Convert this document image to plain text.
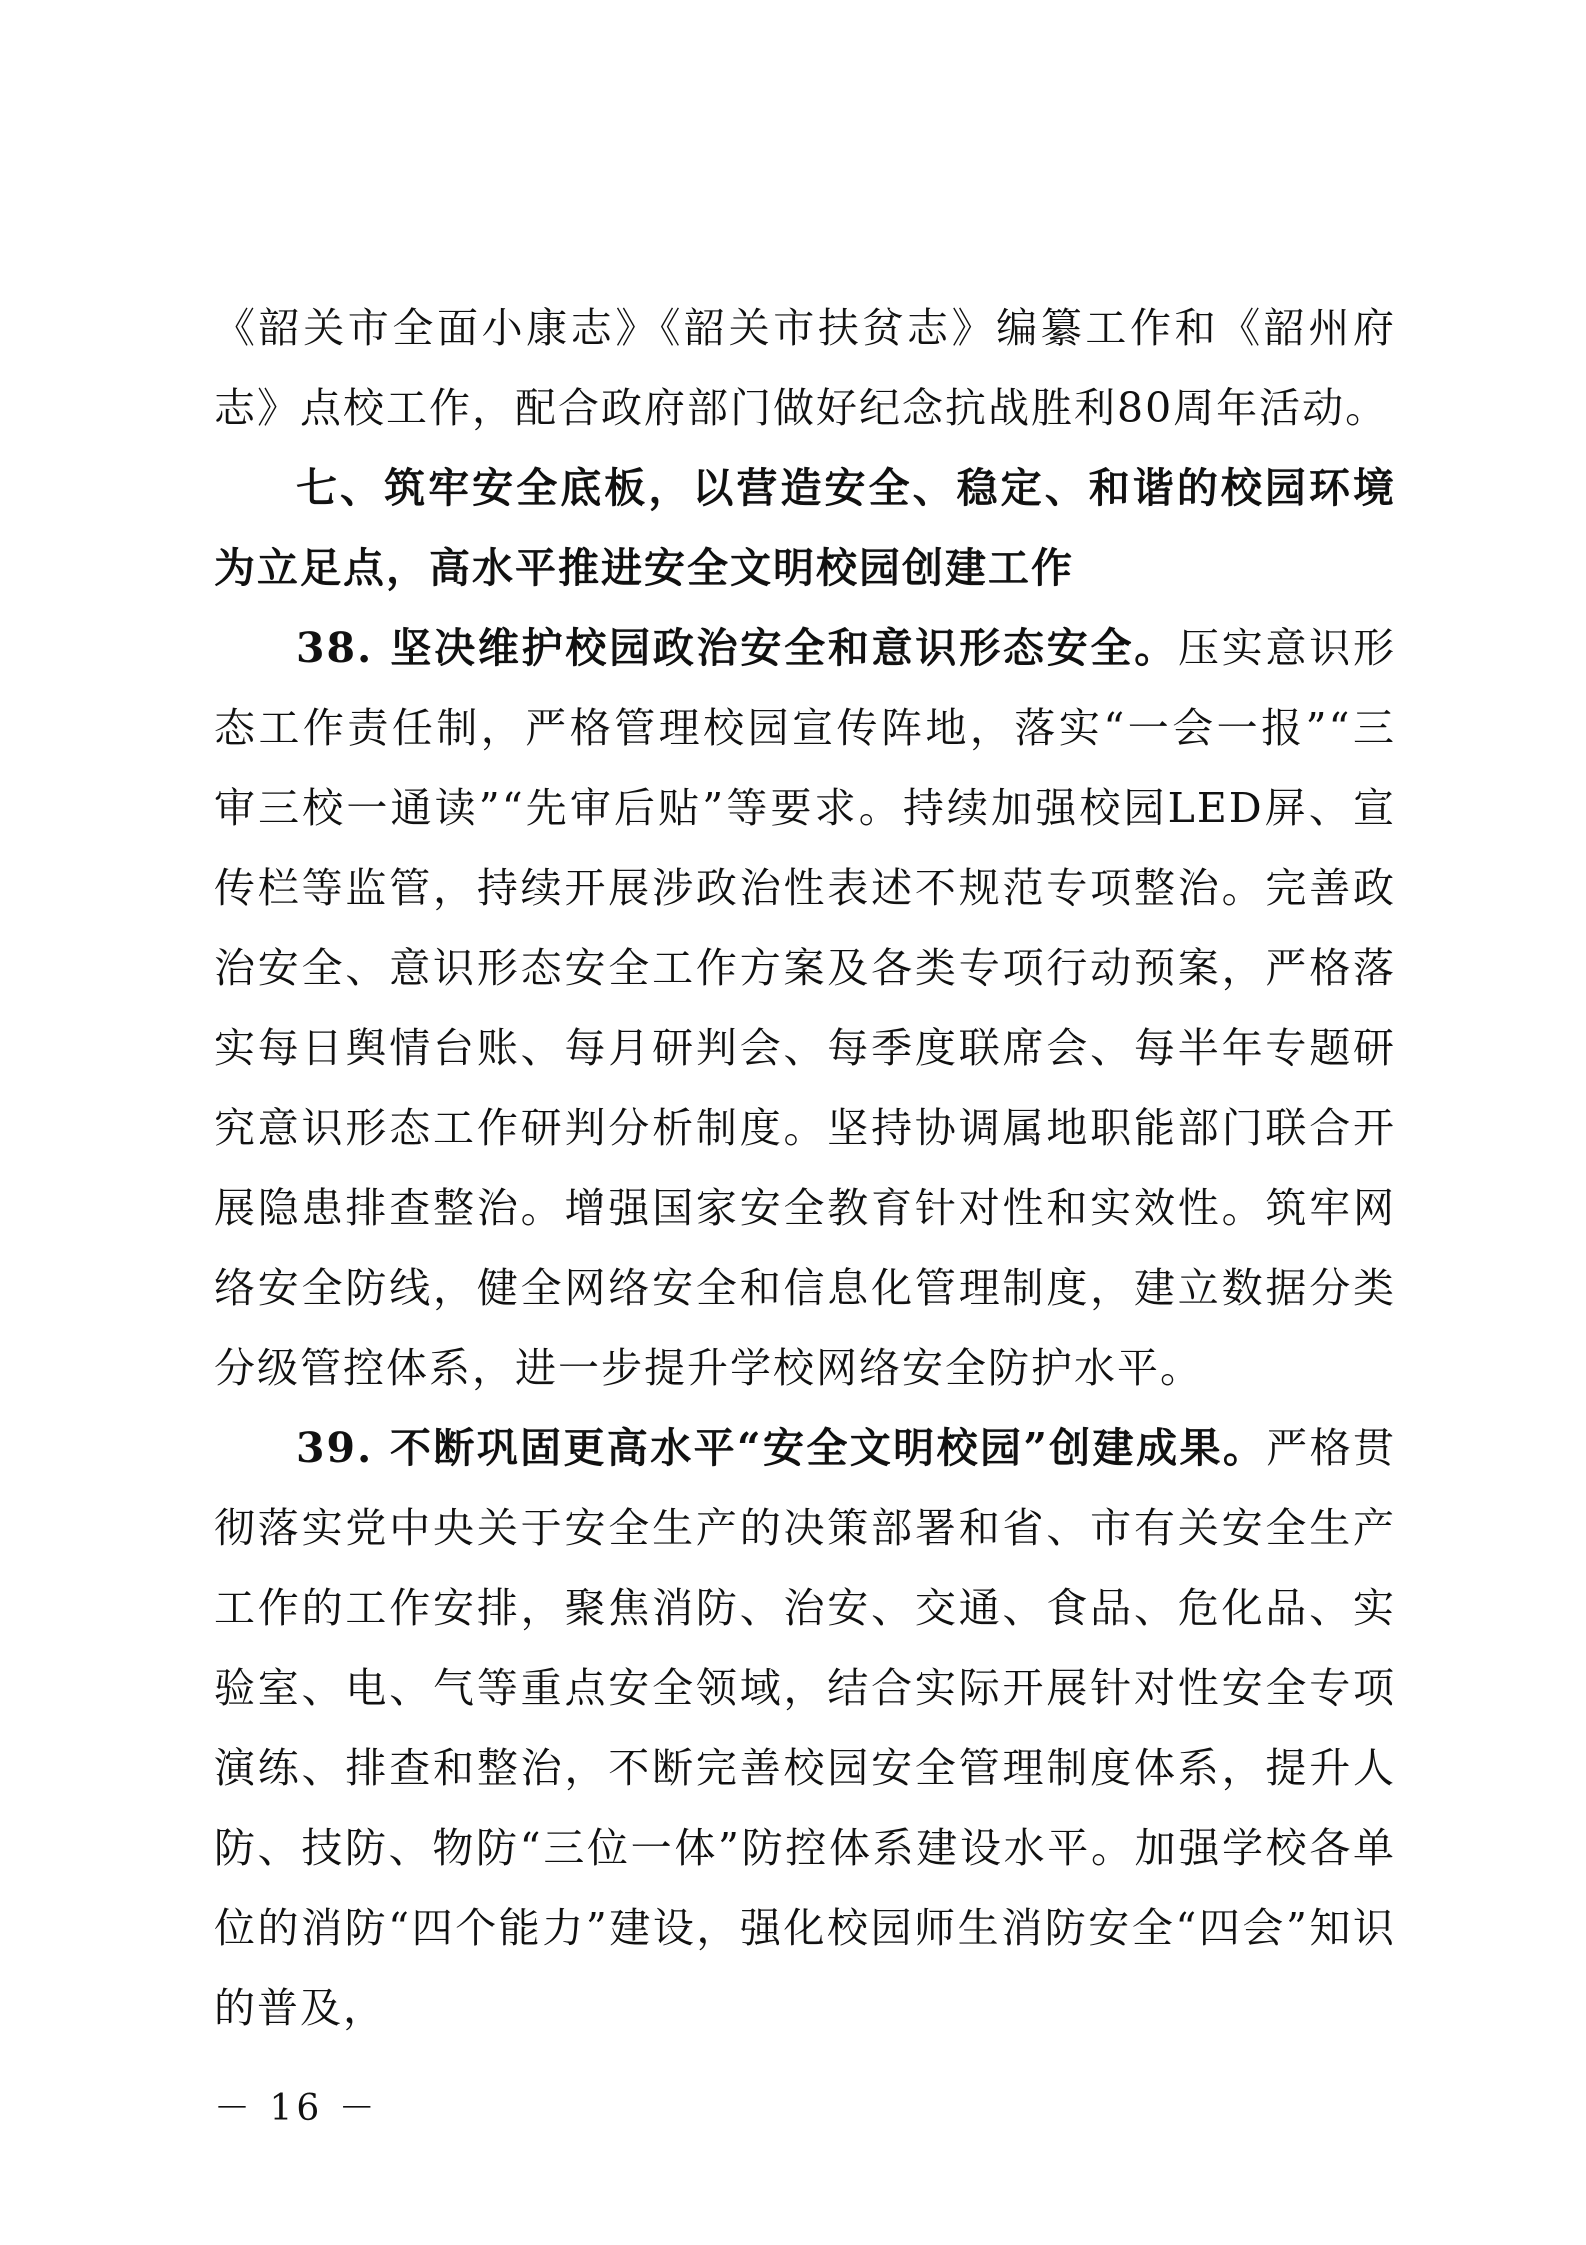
《韶关市全面小康志》《韶关市扶贫志》编纂工作和《韶州府志》点校工作，配合政府部门做好纪念抗战胜利80周年活动。

七、筑牢安全底板，以营造安全、稳定、和谐的校园环境为立足点，高水平推进安全文明校园创建工作

38. 坚决维护校园政治安全和意识形态安全。压实意识形态工作责任制，严格管理校园宣传阵地，落实“一会一报”“三审三校一通读”“先审后贴”等要求。持续加强校园LED屏、宣传栏等监管，持续开展涉政治性表述不规范专项整治。完善政治安全、意识形态安全工作方案及各类专项行动预案，严格落实每日舆情台账、每月研判会、每季度联席会、每半年专题研究意识形态工作研判分析制度。坚持协调属地职能部门联合开展隐患排查整治。增强国家安全教育针对性和实效性。筑牢网络安全防线，健全网络安全和信息化管理制度，建立数据分类分级管控体系，进一步提升学校网络安全防护水平。

39. 不断巩固更高水平“安全文明校园”创建成果。严格贯彻落实党中央关于安全生产的决策部署和省、市有关安全生产工作的工作安排，聚焦消防、治安、交通、食品、危化品、实验室、电、气等重点安全领域，结合实际开展针对性安全专项演练、排查和整治，不断完善校园安全管理制度体系，提升人防、技防、物防“三位一体”防控体系建设水平。加强学校各单位的消防“四个能力”建设，强化校园师生消防安全“四会”知识的普及，

－ 16 －
